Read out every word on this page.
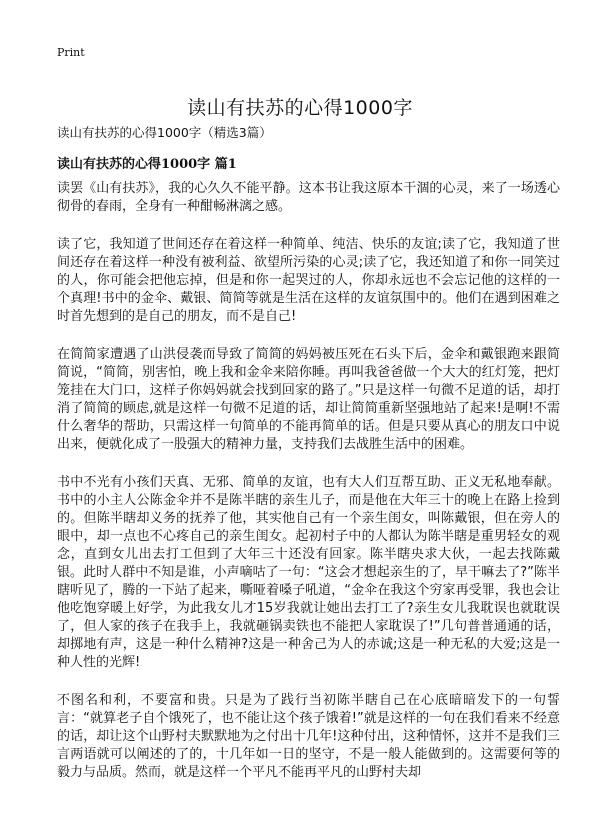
Print
读山有扶苏的心得1000字
读山有扶苏的心得1000字（精选3篇）
读山有扶苏的心得1000字 篇1

读罢《山有扶苏》，我的心久久不能平静。这本书让我这原本干涸的心灵，来了一场透心彻骨的春雨，全身有一种酣畅淋漓之感。

读了它，我知道了世间还存在着这样一种简单、纯洁、快乐的友谊;读了它，我知道了世间还存在着这样一种没有被利益、欲望所污染的心灵;读了它，我还知道了和你一同笑过的人，你可能会把他忘掉，但是和你一起哭过的人，你却永远也不会忘记他的这样的一个真理!书中的金伞、戴银、简简等就是生活在这样的友谊氛围中的。他们在遇到困难之时首先想到的是自己的朋友，而不是自己!

在简简家遭遇了山洪侵袭而导致了简简的妈妈被压死在石头下后，金伞和戴银跑来跟简简说，“简简，别害怕，晚上我和金伞来陪你睡。再叫我爸爸做一个大大的红灯笼，把灯笼挂在大门口，这样子你妈妈就会找到回家的路了。”只是这样一句微不足道的话，却打消了简简的顾虑,就是这样一句微不足道的话，却让简简重新坚强地站了起来!是啊!不需什么奢华的帮助，只需这样一句简单的不能再简单的话。但是只要从真心的朋友口中说出来，便就化成了一股强大的精神力量，支持我们去战胜生活中的困难。

书中不光有小孩们天真、无邪、简单的友谊，也有大人们互帮互助、正义无私地奉献。书中的小主人公陈金伞并不是陈半瞎的亲生儿子，而是他在大年三十的晚上在路上捡到的。但陈半瞎却义务的抚养了他，其实他自己有一个亲生闺女，叫陈戴银，但在旁人的眼中，却一点也不心疼自己的亲生闺女。起初村子中的人都认为陈半瞎是重男轻女的观念，直到女儿出去打工但到了大年三十还没有回家。陈半瞎央求大伙，一起去找陈戴银。此时人群中不知是谁，小声嘀咕了一句：“这会才想起亲生的了，早干嘛去了?”陈半瞎听见了，腾的一下站了起来，嘶哑着嗓子吼道，“金伞在我这个穷家再受罪，我也会让他吃饱穿暖上好学，为此我女儿才15岁我就让她出去打工了?亲生女儿我耽误也就耽误了，但人家的孩子在我手上，我就砸锅卖铁也不能把人家耽误了!”几句普普通通的话，却掷地有声，这是一种什么精神?这是一种舍己为人的赤诚;这是一种无私的大爱;这是一种人性的光辉!

不图名和利，不要富和贵。只是为了践行当初陈半瞎自己在心底暗暗发下的一句誓言：“就算老子自个饿死了，也不能让这个孩子饿着!”就是这样的一句在我们看来不经意的话，却让这个山野村夫默默地为之付出十几年!这种付出，这种情怀，这并不是我们三言两语就可以阐述的了的，十几年如一日的坚守，不是一般人能做到的。这需要何等的毅力与品质。然而，就是这样一个平凡不能再平凡的山野村夫却
